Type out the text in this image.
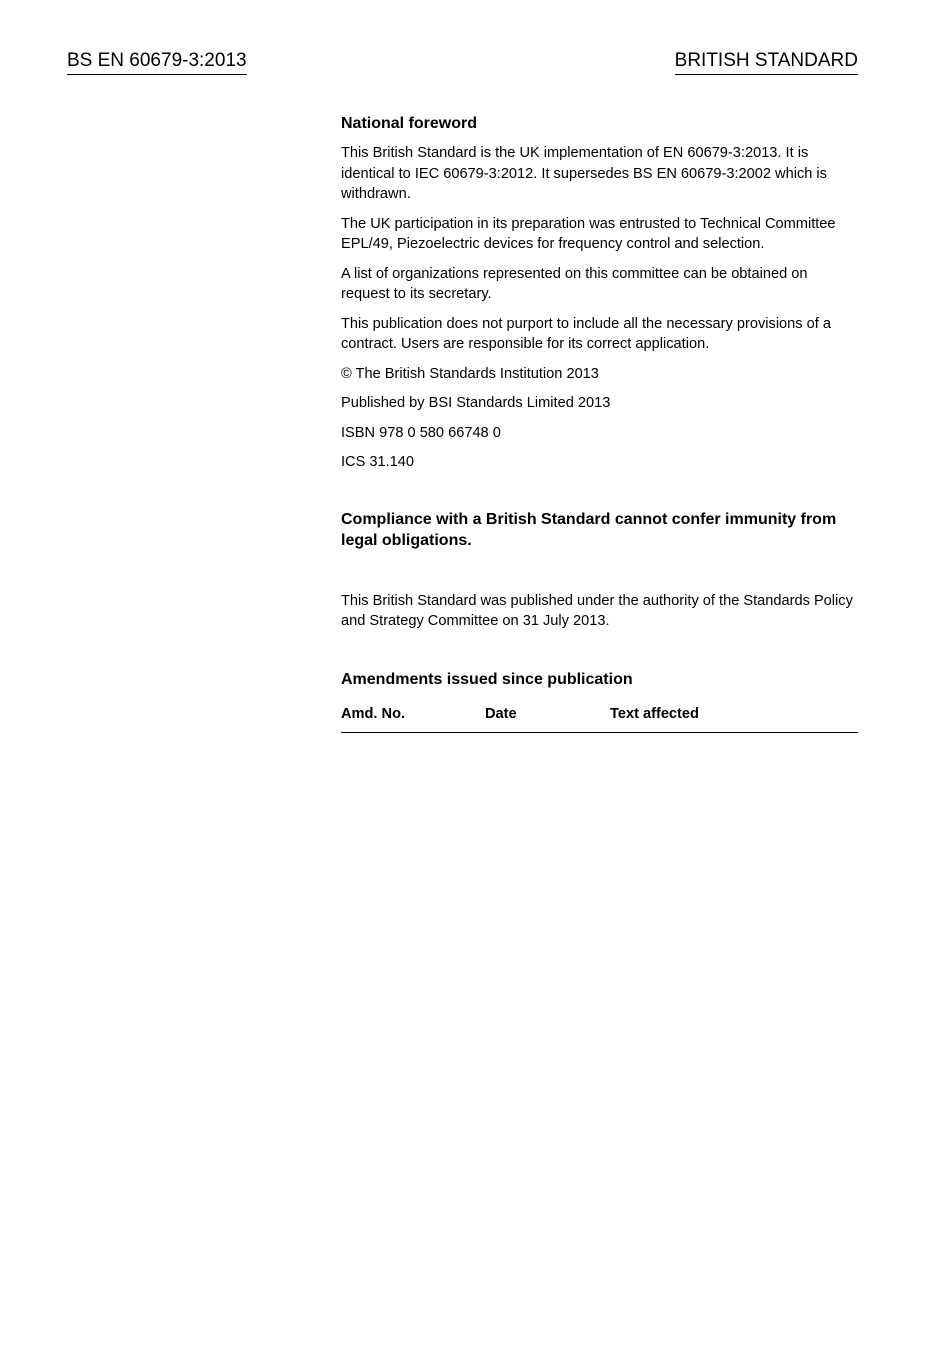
BS EN 60679-3:2013	BRITISH STANDARD
National foreword

This British Standard is the UK implementation of EN 60679-3:2013. It is identical to IEC 60679-3:2012. It supersedes BS EN 60679-3:2002 which is withdrawn.

The UK participation in its preparation was entrusted to Technical Committee EPL/49, Piezoelectric devices for frequency control and selection.

A list of organizations represented on this committee can be obtained on request to its secretary.

This publication does not purport to include all the necessary provisions of a contract. Users are responsible for its correct application.

© The British Standards Institution 2013

Published by BSI Standards Limited 2013

ISBN 978 0 580 66748 0

ICS 31.140

Compliance with a British Standard cannot confer immunity from legal obligations.
This British Standard was published under the authority of the Standards Policy and Strategy Committee on 31 July 2013.
Amendments issued since publication
Amd. No.	Date	Text affected
